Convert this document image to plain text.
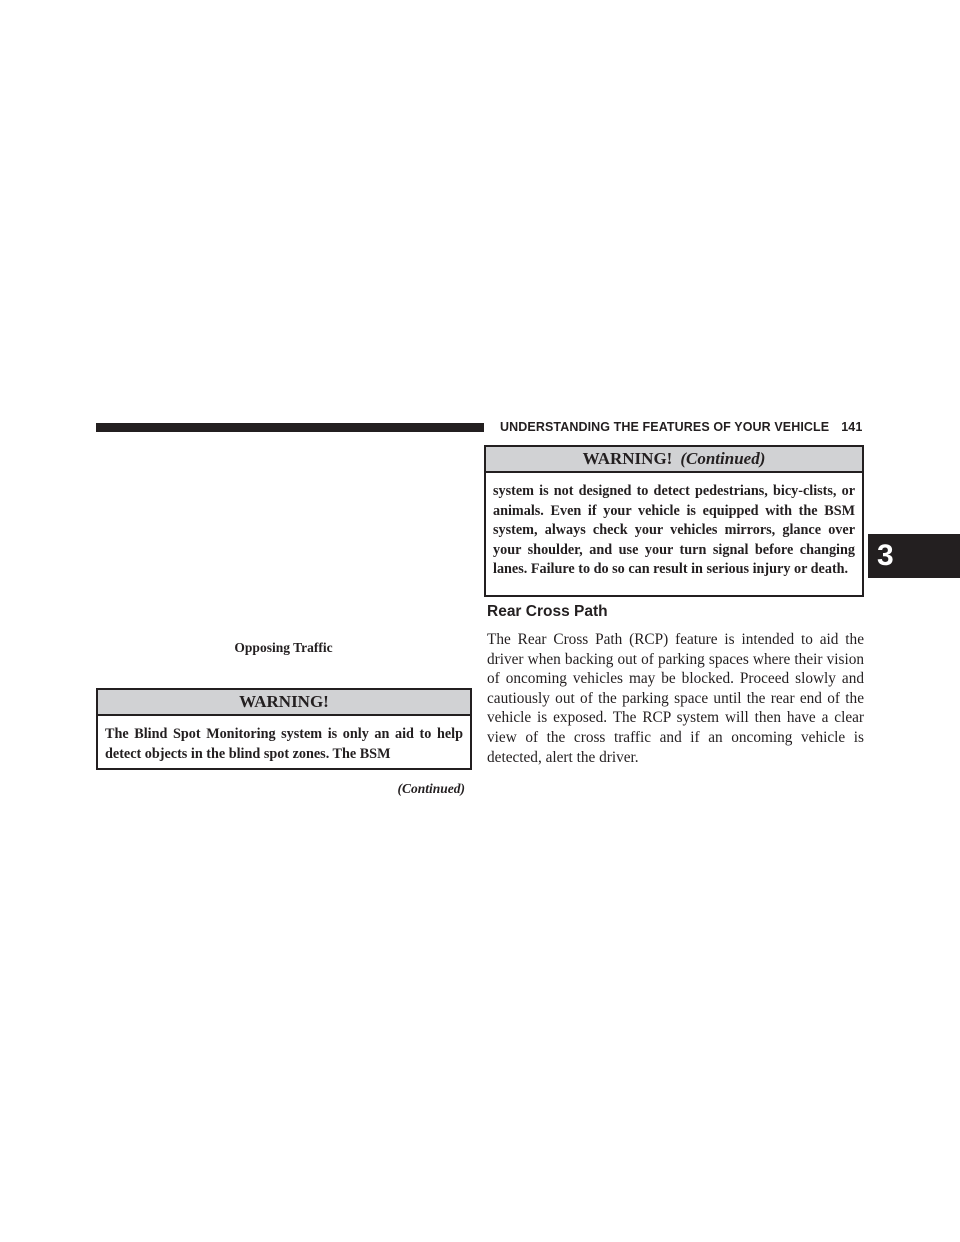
UNDERSTANDING THE FEATURES OF YOUR VEHICLE 141
3
Opposing Traffic
WARNING!
The Blind Spot Monitoring system is only an aid to help detect objects in the blind spot zones. The BSM
(Continued)
WARNING! (Continued)
system is not designed to detect pedestrians, bicy-clists, or animals. Even if your vehicle is equipped with the BSM system, always check your vehicles mirrors, glance over your shoulder, and use your turn signal before changing lanes. Failure to do so can result in serious injury or death.
Rear Cross Path
The Rear Cross Path (RCP) feature is intended to aid the driver when backing out of parking spaces where their vision of oncoming vehicles may be blocked. Proceed slowly and cautiously out of the parking space until the rear end of the vehicle is exposed. The RCP system will then have a clear view of the cross traffic and if an oncoming vehicle is detected, alert the driver.
